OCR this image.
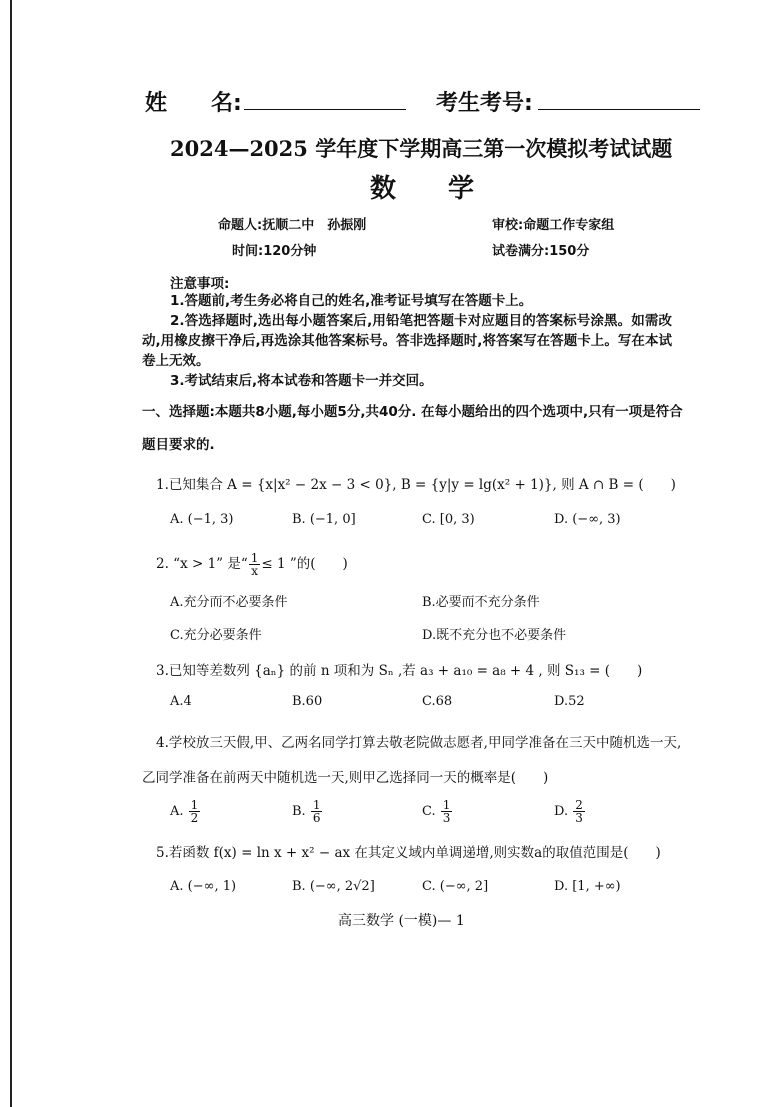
姓　　名:	考生考号:
2024—2025 学年度下学期高三第一次模拟考试试题
数　　学
命题人:抚顺二中　孙振刚	审校:命题工作专家组
时间:120分钟	试卷满分:150分
注意事项:
1.答题前,考生务必将自己的姓名,准考证号填写在答题卡上。
2.答选择题时,选出每小题答案后,用铅笔把答题卡对应题目的答案标号涂黑。如需改动,用橡皮擦干净后,再选涂其他答案标号。答非选择题时,将答案写在答题卡上。写在本试卷上无效。
3.考试结束后,将本试卷和答题卡一并交回。
一、选择题:本题共8小题,每小题5分,共40分. 在每小题给出的四个选项中,只有一项是符合
题目要求的.
1.已知集合 A = {x|x² − 2x − 3 < 0}, B = {y|y = lg(x² + 1)}, 则 A ∩ B = (　　)
A. (−1, 3)	B. (−1, 0]	C. [0, 3)	D. (−∞, 3)
2. “x > 1” 是“ $\frac{1}{x} \le 1$ ”的(　　)
A.充分而不必要条件	B.必要而不充分条件
C.充分必要条件	D.既不充分也不必要条件
3.已知等差数列 {aₙ} 的前 n 项和为 Sₙ ,若 a₃ + a₁₀ = a₈ + 4 , 则 S₁₃ = (　　)
A.4	B.60	C.68	D.52
4.学校放三天假,甲、乙两名同学打算去敬老院做志愿者,甲同学准备在三天中随机选一天,
乙同学准备在前两天中随机选一天,则甲乙选择同一天的概率是(　　)
A. $\frac{1}{2}$	B. $\frac{1}{6}$	C. $\frac{1}{3}$	D. $\frac{2}{3}$
5.若函数 f(x) = ln x + x² − ax 在其定义域内单调递增,则实数a的取值范围是(　　)
A. (−∞, 1)	B. (−∞, 2√2]	C. (−∞, 2]	D. [1, +∞)
高三数学 (一模)— 1
